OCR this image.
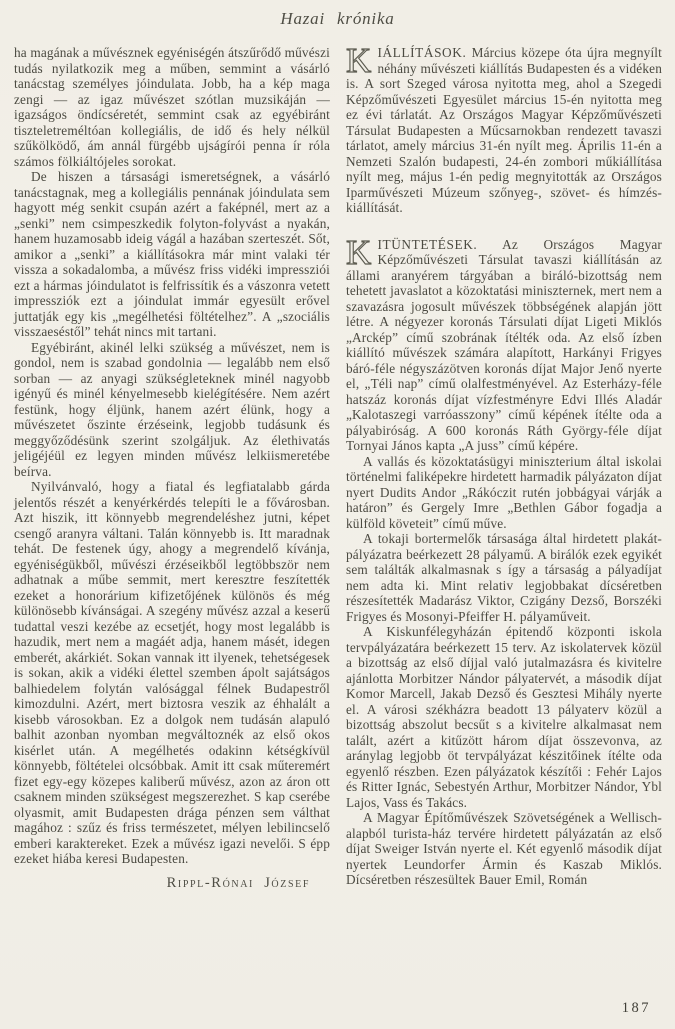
Hazai krónika

ha magának a művésznek egyéniségén átszűrődő művészi tudás nyilatkozik meg a műben, semmint a vásárló tanácstag személyes jóindulata. Jobb, ha a kép maga zengi — az igaz művészet szótlan muzsikáján — igazságos öndícséretét, semmint csak az egyébiránt tiszteletreméltóan kollegiális, de idő és hely nélkül szűkölködő, ám annál fürgébb ujságírói penna ír róla számos fölkiáltójeles sorokat.

De hiszen a társasági ismeretségnek, a vásárló tanácstagnak, meg a kollegiális pennának jóindulata sem hagyott még senkit csupán azért a faképnél, mert az a „senki” nem csimpeszkedik folyton-folyvást a nyakán, hanem huzamosabb ideig vágál a hazában szerteszét. Sőt, amikor a „senki” a kiállításokra már mint valaki tér vissza a sokadalomba, a művész friss vidéki impressziói ezt a hármas jóindulatot is felfrissítik és a vászonra vetett impressziók ezt a jóindulat immár egyesült erővel juttatják egy kis „megélhetési föltételhez”. A „szociális visszaeséstől” tehát nincs mit tartani.

Egyébiránt, akinél lelki szükség a művészet, nem is gondol, nem is szabad gondolnia — legalább nem első sorban — az anyagi szükségleteknek minél nagyobb igényű és minél kényelmesebb kielégítésére. Nem azért festünk, hogy éljünk, hanem azért élünk, hogy a művészetet őszinte érzéseink, legjobb tudásunk és meggyőződésünk szerint szolgáljuk. Az élethivatás jeligéjéül ez legyen minden művész lelkiismeretébe beírva.

Nyilvánvaló, hogy a fiatal és legfiatalabb gárda jelentős részét a kenyérkérdés telepíti le a fővárosban. Azt hiszik, itt könnyebb megrendeléshez jutni, képet csengő aranyra váltani. Talán könnyebb is. Itt maradnak tehát. De festenek úgy, ahogy a megrendelő kívánja, egyéniségükből, művészi érzéseikből legtöbbször nem adhatnak a műbe semmit, mert keresztre feszítették ezeket a honorárium kifizetőjének különös és még különösebb kívánságai. A szegény művész azzal a keserű tudattal veszi kezébe az ecsetjét, hogy most legalább is hazudik, mert nem a magáét adja, hanem másét, idegen emberét, akárkiét. Sokan vannak itt ilyenek, tehetségesek is sokan, akik a vidéki élettel szemben ápolt sajátságos balhiedelem folytán valósággal félnek Budapestről kimozdulni. Azért, mert biztosra veszik az éhhalált a kisebb városokban. Ez a dolgok nem tudásán alapuló balhit azonban nyomban megváltoznék az első okos kisérlet után. A megélhetés odakinn kétségkívül könnyebb, föltételei olcsóbbak. Amit itt csak műteremért fizet egy-egy közepes kaliberű művész, azon az áron ott csaknem minden szükségest megszerezhet. S kap cserébe olyasmit, amit Budapesten drága pénzen sem válthat magához : szűz és friss természetet, mélyen lebilincselő emberi karaktereket. Ezek a művész igazi nevelői. S épp ezeket hiába keresi Budapesten.

Rippl-Rónai József

K IÁLLÍTÁSOK. Március közepe óta újra megnyílt néhány művészeti kiállítás Budapesten és a vidéken is. A sort Szeged városa nyitotta meg, ahol a Szegedi Képzőművészeti Egyesület március 15-én nyitotta meg ez évi tárlatát. Az Országos Magyar Képzőművészeti Társulat Budapesten a Műcsarnokban rendezett tavaszi tárlatot, amely március 31-én nyílt meg. Április 11-én a Nemzeti Szalón budapesti, 24-én zombori műkiállítása nyílt meg, május 1-én pedig megnyitották az Országos Iparművészeti Múzeum szőnyeg-, szövet- és hímzés-kiállítását.

K ITÜNTETÉSEK. Az Országos Magyar Képzőművészeti Társulat tavaszi kiállításán az állami aranyérem tárgyában a biráló-bizottság nem tehetett javaslatot a közoktatási miniszternek, mert nem a szavazásra jogosult művészek többségének alapján jött létre. A négyezer koronás Társulati díjat Ligeti Miklós „Arckép” című szobrának ítélték oda. Az első ízben kiállító művészek számára alapított, Harkányi Frigyes báró-féle négyszázötven koronás díjat Major Jenő nyerte el, „Téli nap” című olalfestményével. Az Esterházy-féle hatszáz koronás díjat vízfestményre Edvi Illés Aladár „Kalotaszegi varróasszony” című képének ítélte oda a pályabiróság. A 600 koronás Ráth György-féle díjat Tornyai János kapta „A juss” című képére.

A vallás és közoktatásügyi miniszterium által iskolai történelmi faliképekre hirdetett harmadik pályázaton díjat nyert Dudits Andor „Rákóczit rutén jobbágyai várják a határon” és Gergely Imre „Bethlen Gábor fogadja a külföld követeit” című műve.

A tokaji bortermelők társasága által hirdetett plakát-pályázatra beérkezett 28 pályamű. A birálók ezek egyikét sem találták alkalmasnak s így a társaság a pályadíjat nem adta ki. Mint relativ legjobbakat dícséretben részesítették Madarász Viktor, Czigány Dezső, Borszéki Frigyes és Mosonyi-Pfeiffer H. pályaműveit.

A Kiskunfélegyházán épitendő központi iskola tervpályázatára beérkezett 15 terv. Az iskolatervek közül a bizottság az első díjjal való jutalmazásra és kivitelre ajánlotta Morbitzer Nándor pályatervét, a második díjat Komor Marcell, Jakab Dezső és Gesztesi Mihály nyerte el. A városi székházra beadott 13 pályaterv közül a bizottság abszolut becsűt s a kivitelre alkalmasat nem talált, azért a kitűzött három díjat összevonva, az aránylag legjobb öt tervpályázat készitőinek ítélte oda egyenlő részben. Ezen pályázatok készítői : Fehér Lajos és Ritter Ignác, Sebestyén Arthur, Morbitzer Nándor, Ybl Lajos, Vass és Takács.

A Magyar Építőművészek Szövetségének a Wellisch-alapból turista-ház tervére hirdetett pályázatán az első díjat Sweiger István nyerte el. Két egyenlő második díjat nyertek Leundorfer Ármin és Kaszab Miklós. Dícséretben részesültek Bauer Emil, Román

187
